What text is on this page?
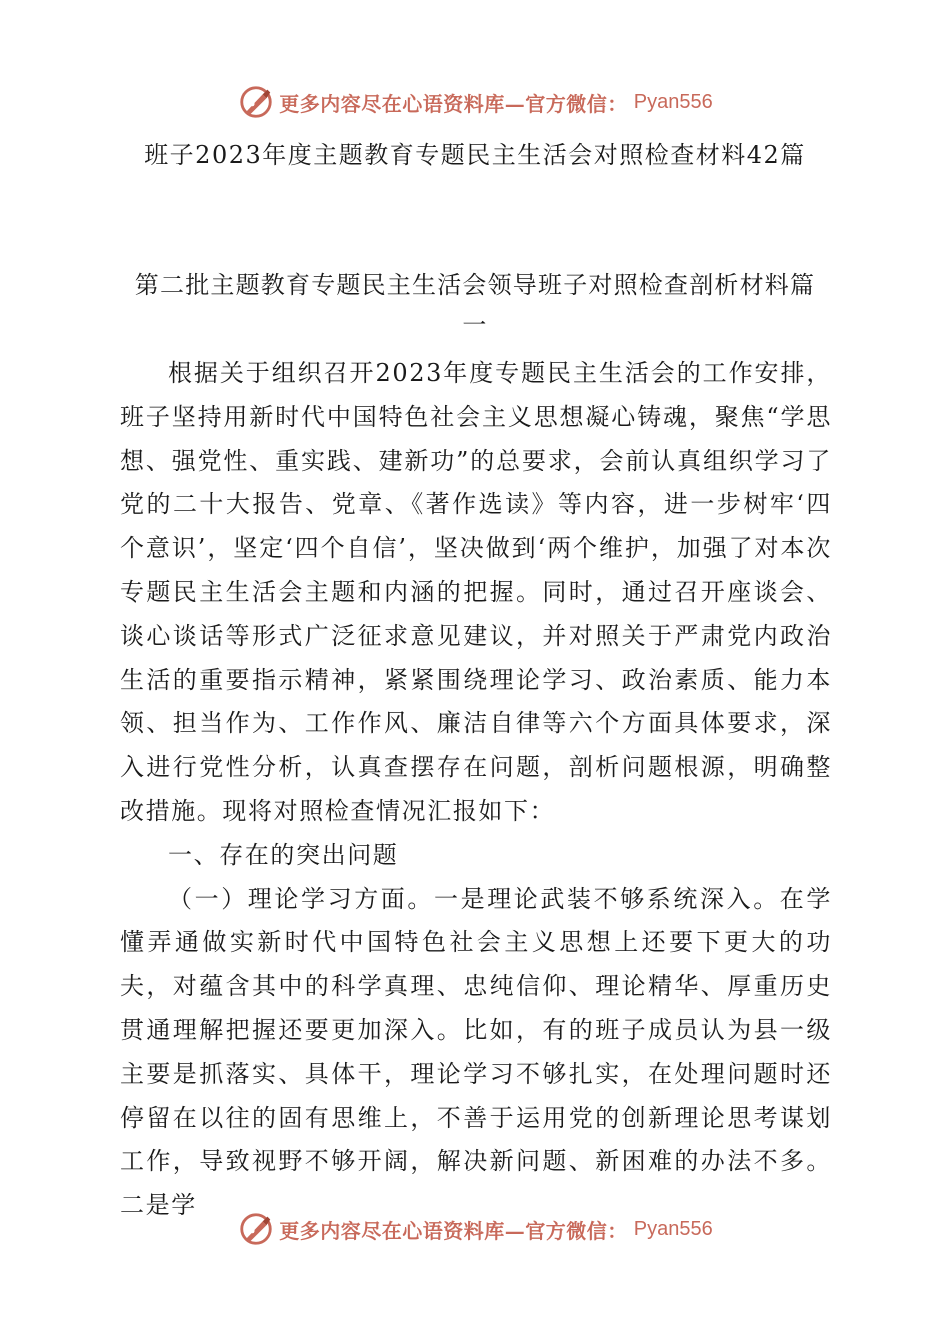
更多内容尽在心语资料库—官方微信： Pyan556
班子2023年度主题教育专题民主生活会对照检查材料42篇
第二批主题教育专题民主生活会领导班子对照检查剖析材料篇
一

根据关于组织召开2023年度专题民主生活会的工作安排，班子坚持用新时代中国特色社会主义思想凝心铸魂，聚焦“学思想、强党性、重实践、建新功”的总要求，会前认真组织学习了党的二十大报告、党章、《著作选读》等内容，进一步树牢‘四个意识’，坚定‘四个自信’，坚决做到‘两个维护，加强了对本次专题民主生活会主题和内涵的把握。同时，通过召开座谈会、谈心谈话等形式广泛征求意见建议，并对照关于严肃党内政治生活的重要指示精神，紧紧围绕理论学习、政治素质、能力本领、担当作为、工作作风、廉洁自律等六个方面具体要求，深入进行党性分析，认真查摆存在问题，剖析问题根源，明确整改措施。现将对照检查情况汇报如下：

一、存在的突出问题

（一）理论学习方面。一是理论武装不够系统深入。在学懂弄通做实新时代中国特色社会主义思想上还要下更大的功夫，对蕴含其中的科学真理、忠纯信仰、理论精华、厚重历史贯通理解把握还要更加深入。比如，有的班子成员认为县一级主要是抓落实、具体干，理论学习不够扎实，在处理问题时还停留在以往的固有思维上，不善于运用党的创新理论思考谋划工作，导致视野不够开阔，解决新问题、新困难的办法不多。二是学

更多内容尽在心语资料库—官方微信： Pyan556
